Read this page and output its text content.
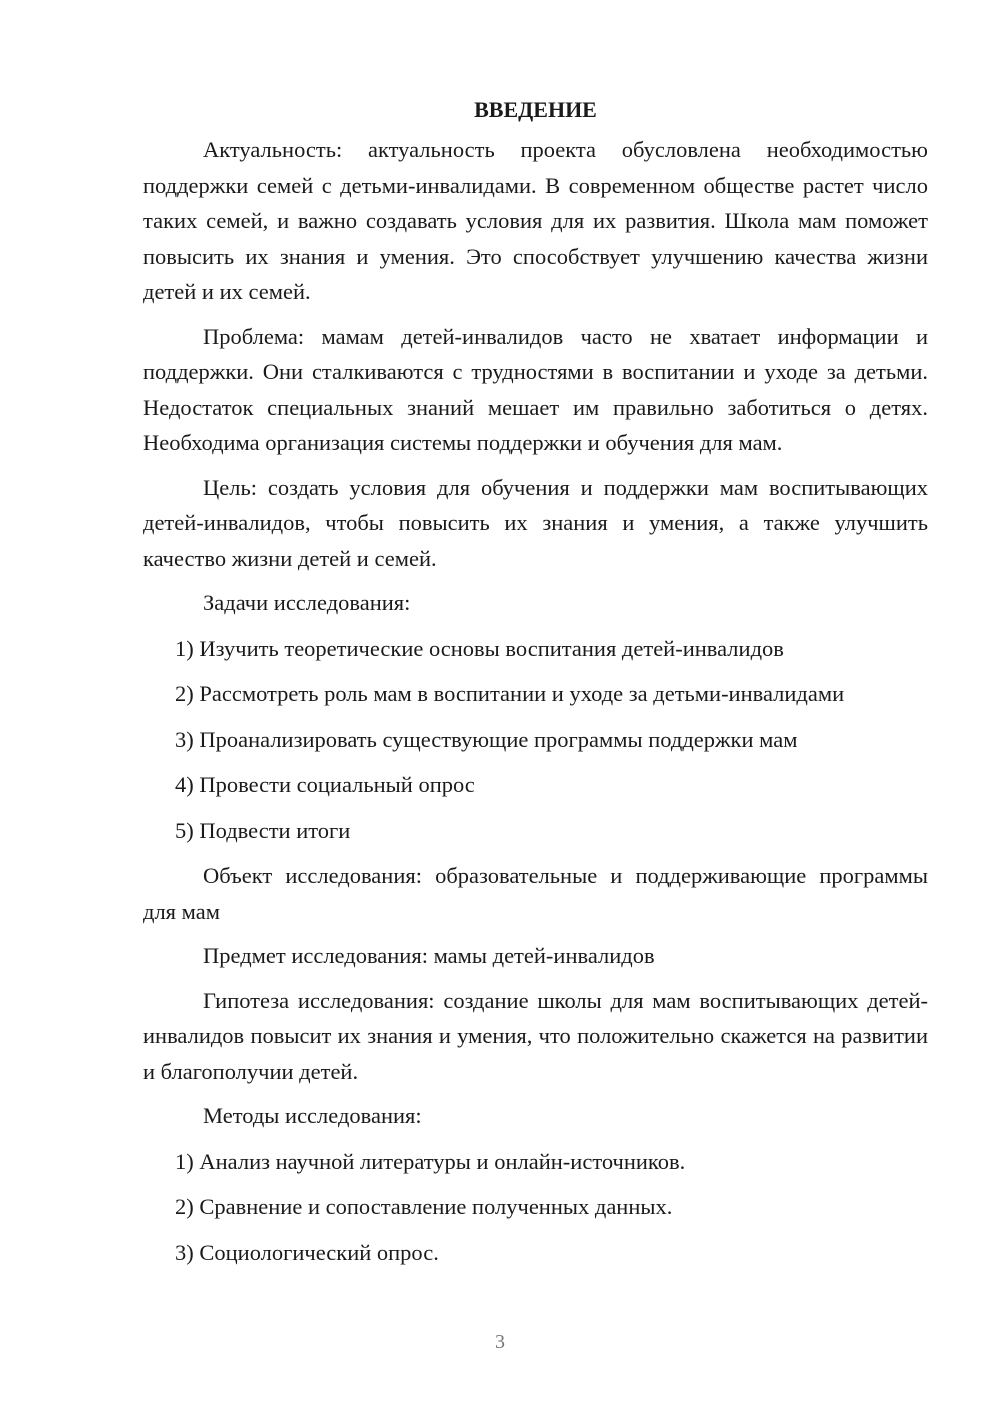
ВВЕДЕНИЕ

Актуальность: актуальность проекта обусловлена необходимостью поддержки семей с детьми-инвалидами. В современном обществе растет число таких семей, и важно создавать условия для их развития. Школа мам поможет повысить их знания и умения. Это способствует улучшению качества жизни детей и их семей.

Проблема: мамам детей-инвалидов часто не хватает информации и поддержки. Они сталкиваются с трудностями в воспитании и уходе за детьми. Недостаток специальных знаний мешает им правильно заботиться о детях. Необходима организация системы поддержки и обучения для мам.

Цель: создать условия для обучения и поддержки мам воспитывающих детей-инвалидов, чтобы повысить их знания и умения, а также улучшить качество жизни детей и семей.

Задачи исследования:
1) Изучить теоретические основы воспитания детей-инвалидов
2) Рассмотреть роль мам в воспитании и уходе за детьми-инвалидами
3) Проанализировать существующие программы поддержки мам
4) Провести социальный опрос
5) Подвести итоги

Объект исследования: образовательные и поддерживающие программы для мам

Предмет исследования: мамы детей-инвалидов

Гипотеза исследования: создание школы для мам воспитывающих детей-инвалидов повысит их знания и умения, что положительно скажется на развитии и благополучии детей.

Методы исследования:
1) Анализ научной литературы и онлайн-источников.
2) Сравнение и сопоставление полученных данных.
3) Социологический опрос.
3
